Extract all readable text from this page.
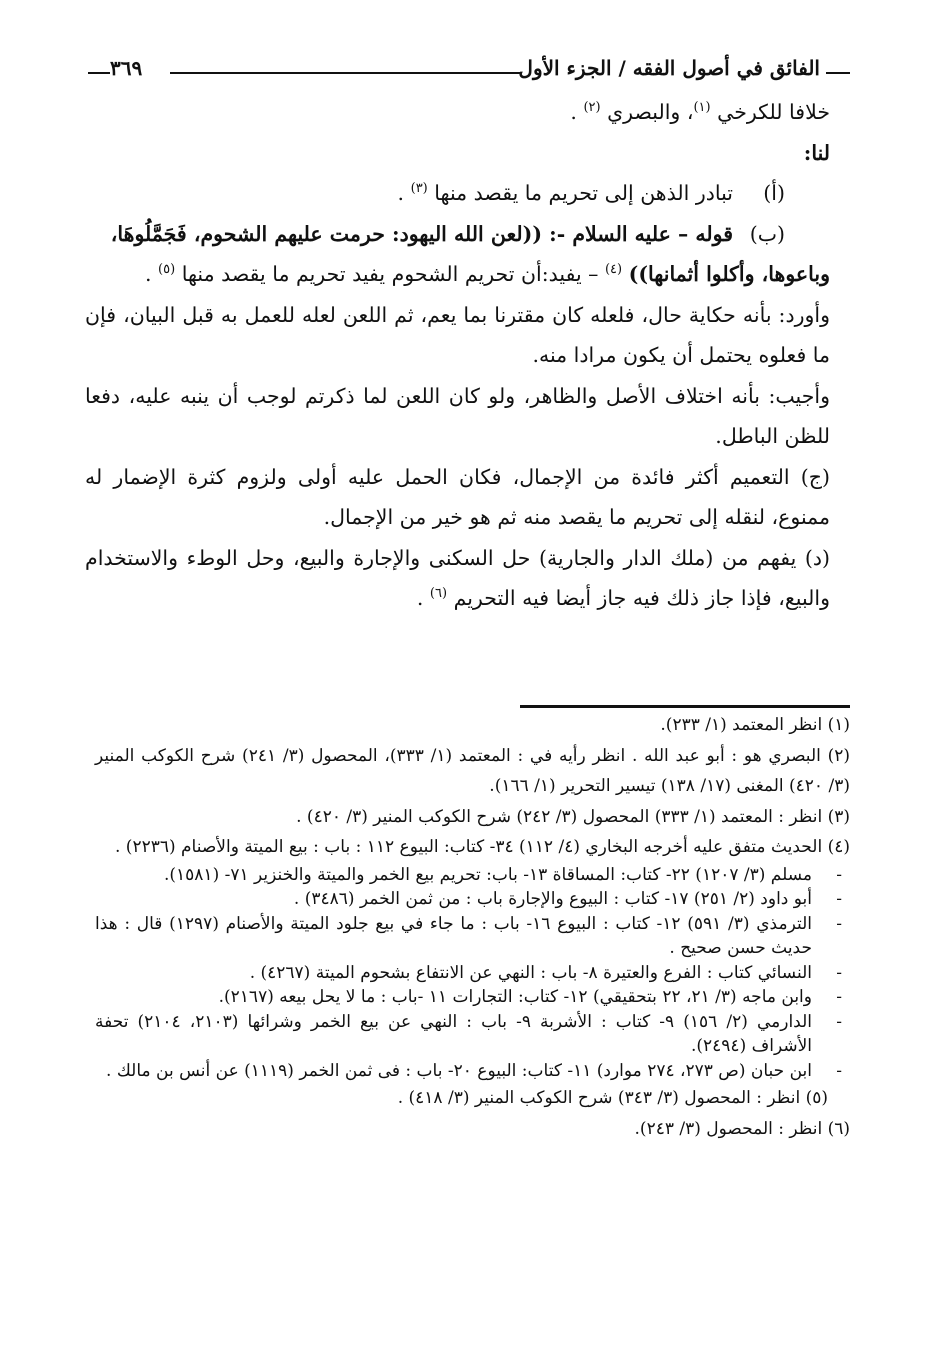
الفائق في أصول الفقه / الجزء الأول
٣٦٩

خلافا للكرخي $^{(١)}$، والبصري $^{(٢)}$ .

لنا:

(أ)تبادر الذهن إلى تحريم ما يقصد منها $^{(٣)}$ .

(ب)قوله – عليه السلام -: ((لعن الله اليهود: حرمت عليهم الشحوم، فَجَمَّلُوهَا،

وباعوها، وأكلوا أثمانها)) $^{(٤)}$ – يفيد:أن تحريم الشحوم يفيد تحريم ما يقصد منها $^{(٥)}$ .

وأورد: بأنه حكاية حال، فلعله كان مقترنا بما يعم، ثم اللعن لعله للعمل به قبل البيان، فإن ما فعلوه يحتمل أن يكون مرادا منه.

وأجيب: بأنه اختلاف الأصل والظاهر، ولو كان اللعن لما ذكرتم لوجب أن ينبه عليه، دفعا للظن الباطل.

(ج) التعميم أكثر فائدة من الإجمال، فكان الحمل عليه أولى ولزوم كثرة الإضمار له ممنوع، لنقله إلى تحريم ما يقصد منه ثم هو خير من الإجمال.

(د) يفهم من (ملك الدار والجارية) حل السكنى والإجارة والبيع، وحل الوطء والاستخدام والبيع، فإذا جاز ذلك فيه جاز أيضا فيه التحريم $^{(٦)}$ .

(١) انظر المعتمد (١/ ٢٣٣).

(٢) البصري هو : أبو عبد الله . انظر رأيه في : المعتمد (١/ ٣٣٣)، المحصول (٣/ ٢٤١) شرح الكوكب المنير (٣/ ٤٢٠) المغنى (١٧/ ١٣٨) تيسير التحرير (١/ ١٦٦).

(٣) انظر : المعتمد (١/ ٣٣٣) المحصول (٣/ ٢٤٢) شرح الكوكب المنير (٣/ ٤٢٠) .

(٤) الحديث متفق عليه أخرجه البخاري (٤/ ١١٢) ٣٤- كتاب: البيوع ١١٢ : باب : بيع الميتة والأصنام (٢٢٣٦) .

-
مسلم (٣/ ١٢٠٧) ٢٢- كتاب: المساقاة ١٣- باب: تحريم بيع الخمر والميتة والخنزير ٧١- (١٥٨١).

-
أبو داود (٢/ ٢٥١) ١٧- كتاب : البيوع والإجارة باب : من ثمن الخمر (٣٤٨٦) .

-
الترمذي (٣/ ٥٩١) ١٢- كتاب : البيوع ١٦- باب : ما جاء في بيع جلود الميتة والأصنام (١٢٩٧) قال : هذا حديث حسن صحيح .

-
النسائي كتاب : الفرع والعتيرة ٨- باب : النهي عن الانتفاع بشحوم الميتة (٤٢٦٧) .

-
وابن ماجه (٣/ ٢١، ٢٢ بتحقيقي) ١٢- كتاب: التجارات ١١ -باب : ما لا يحل بيعه (٢١٦٧).

-
الدارمي (٢/ ١٥٦) ٩- كتاب : الأشربة ٩- باب : النهي عن بيع الخمر وشرائها (٢١٠٣، ٢١٠٤) تحفة الأشراف (٢٤٩٤).

-
ابن حبان (ص ٢٧٣، ٢٧٤ موارد) ١١- كتاب: البيوع ٢٠- باب : فى ثمن الخمر (١١١٩) عن أنس بن مالك .

(٥) انظر : المحصول (٣/ ٣٤٣) شرح الكوكب المنير (٣/ ٤١٨) .

(٦) انظر : المحصول (٣/ ٢٤٣).
